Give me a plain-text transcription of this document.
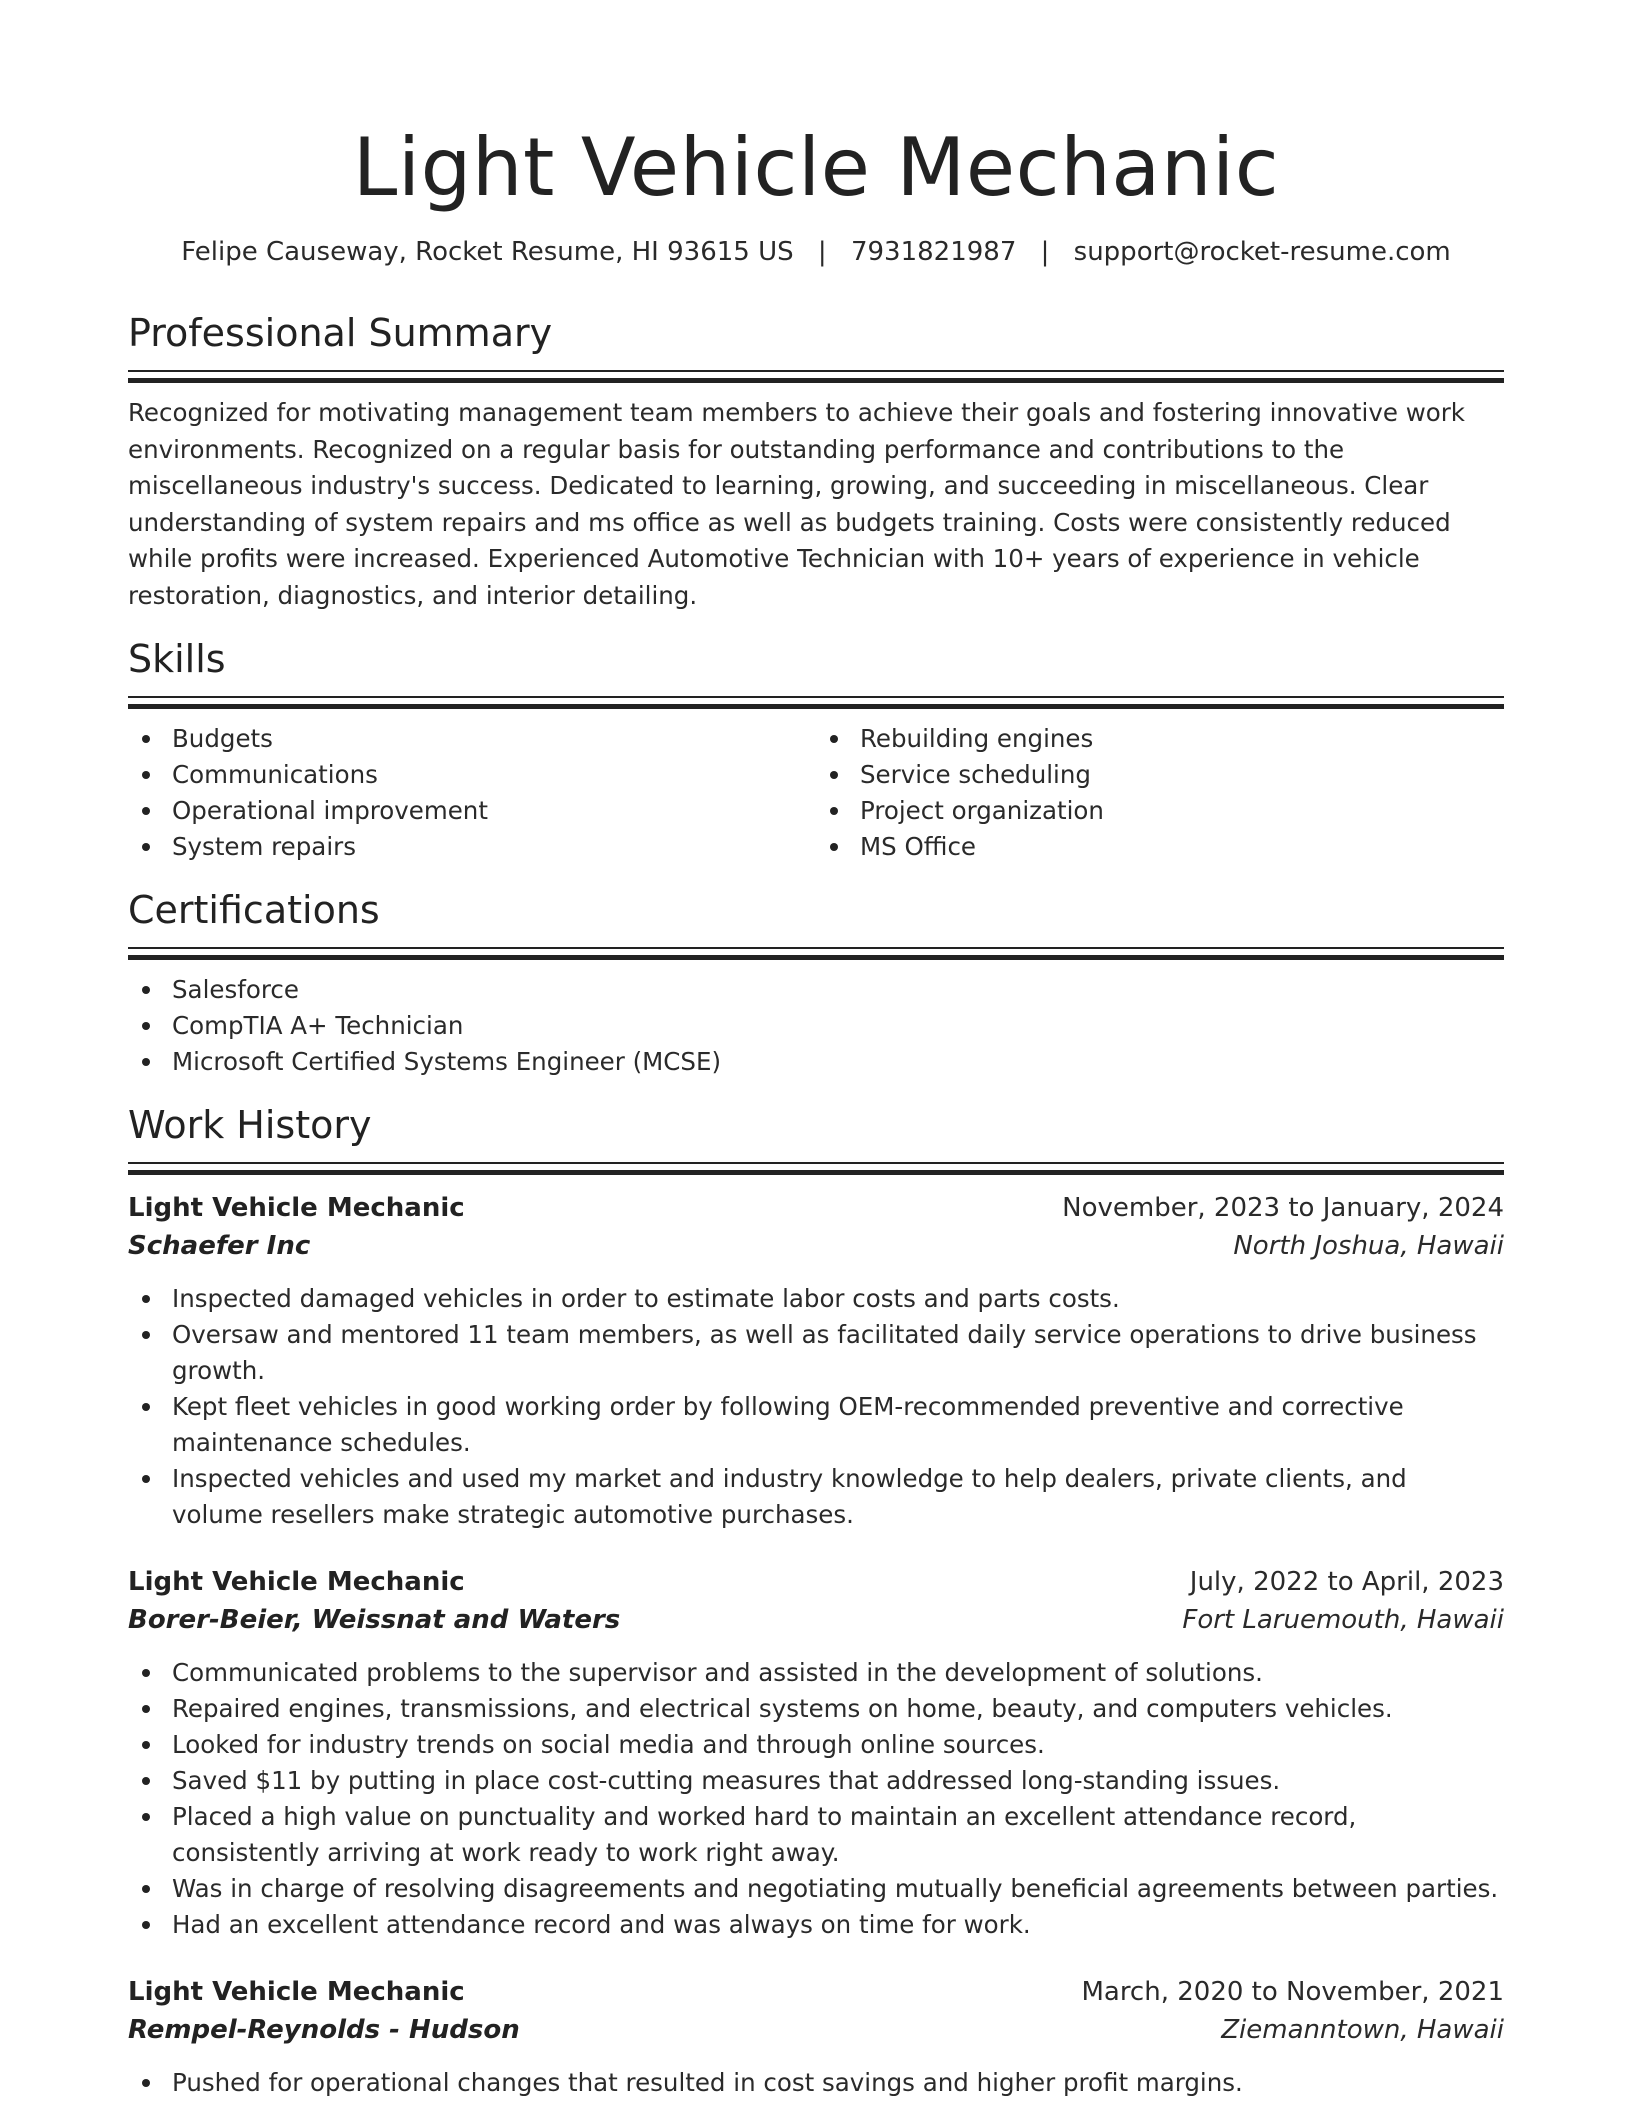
Light Vehicle Mechanic
Felipe Causeway, Rocket Resume, HI 93615 US | 7931821987 | support@rocket-resume.com
Professional Summary
Recognized for motivating management team members to achieve their goals and fostering innovative work environments. Recognized on a regular basis for outstanding performance and contributions to the miscellaneous industry's success. Dedicated to learning, growing, and succeeding in miscellaneous. Clear understanding of system repairs and ms office as well as budgets training. Costs were consistently reduced while profits were increased. Experienced Automotive Technician with 10+ years of experience in vehicle restoration, diagnostics, and interior detailing.
Skills
Budgets
Communications
Operational improvement
System repairs
Rebuilding engines
Service scheduling
Project organization
MS Office
Certifications
Salesforce
CompTIA A+ Technician
Microsoft Certified Systems Engineer (MCSE)
Work History
Light Vehicle Mechanic	November, 2023 to January, 2024
Schaefer Inc	North Joshua, Hawaii
Inspected damaged vehicles in order to estimate labor costs and parts costs.
Oversaw and mentored 11 team members, as well as facilitated daily service operations to drive business growth.
Kept fleet vehicles in good working order by following OEM-recommended preventive and corrective maintenance schedules.
Inspected vehicles and used my market and industry knowledge to help dealers, private clients, and volume resellers make strategic automotive purchases.
Light Vehicle Mechanic	July, 2022 to April, 2023
Borer-Beier, Weissnat and Waters	Fort Laruemouth, Hawaii
Communicated problems to the supervisor and assisted in the development of solutions.
Repaired engines, transmissions, and electrical systems on home, beauty, and computers vehicles.
Looked for industry trends on social media and through online sources.
Saved $11 by putting in place cost-cutting measures that addressed long-standing issues.
Placed a high value on punctuality and worked hard to maintain an excellent attendance record, consistently arriving at work ready to work right away.
Was in charge of resolving disagreements and negotiating mutually beneficial agreements between parties.
Had an excellent attendance record and was always on time for work.
Light Vehicle Mechanic	March, 2020 to November, 2021
Rempel-Reynolds - Hudson	Ziemanntown, Hawaii
Pushed for operational changes that resulted in cost savings and higher profit margins.
